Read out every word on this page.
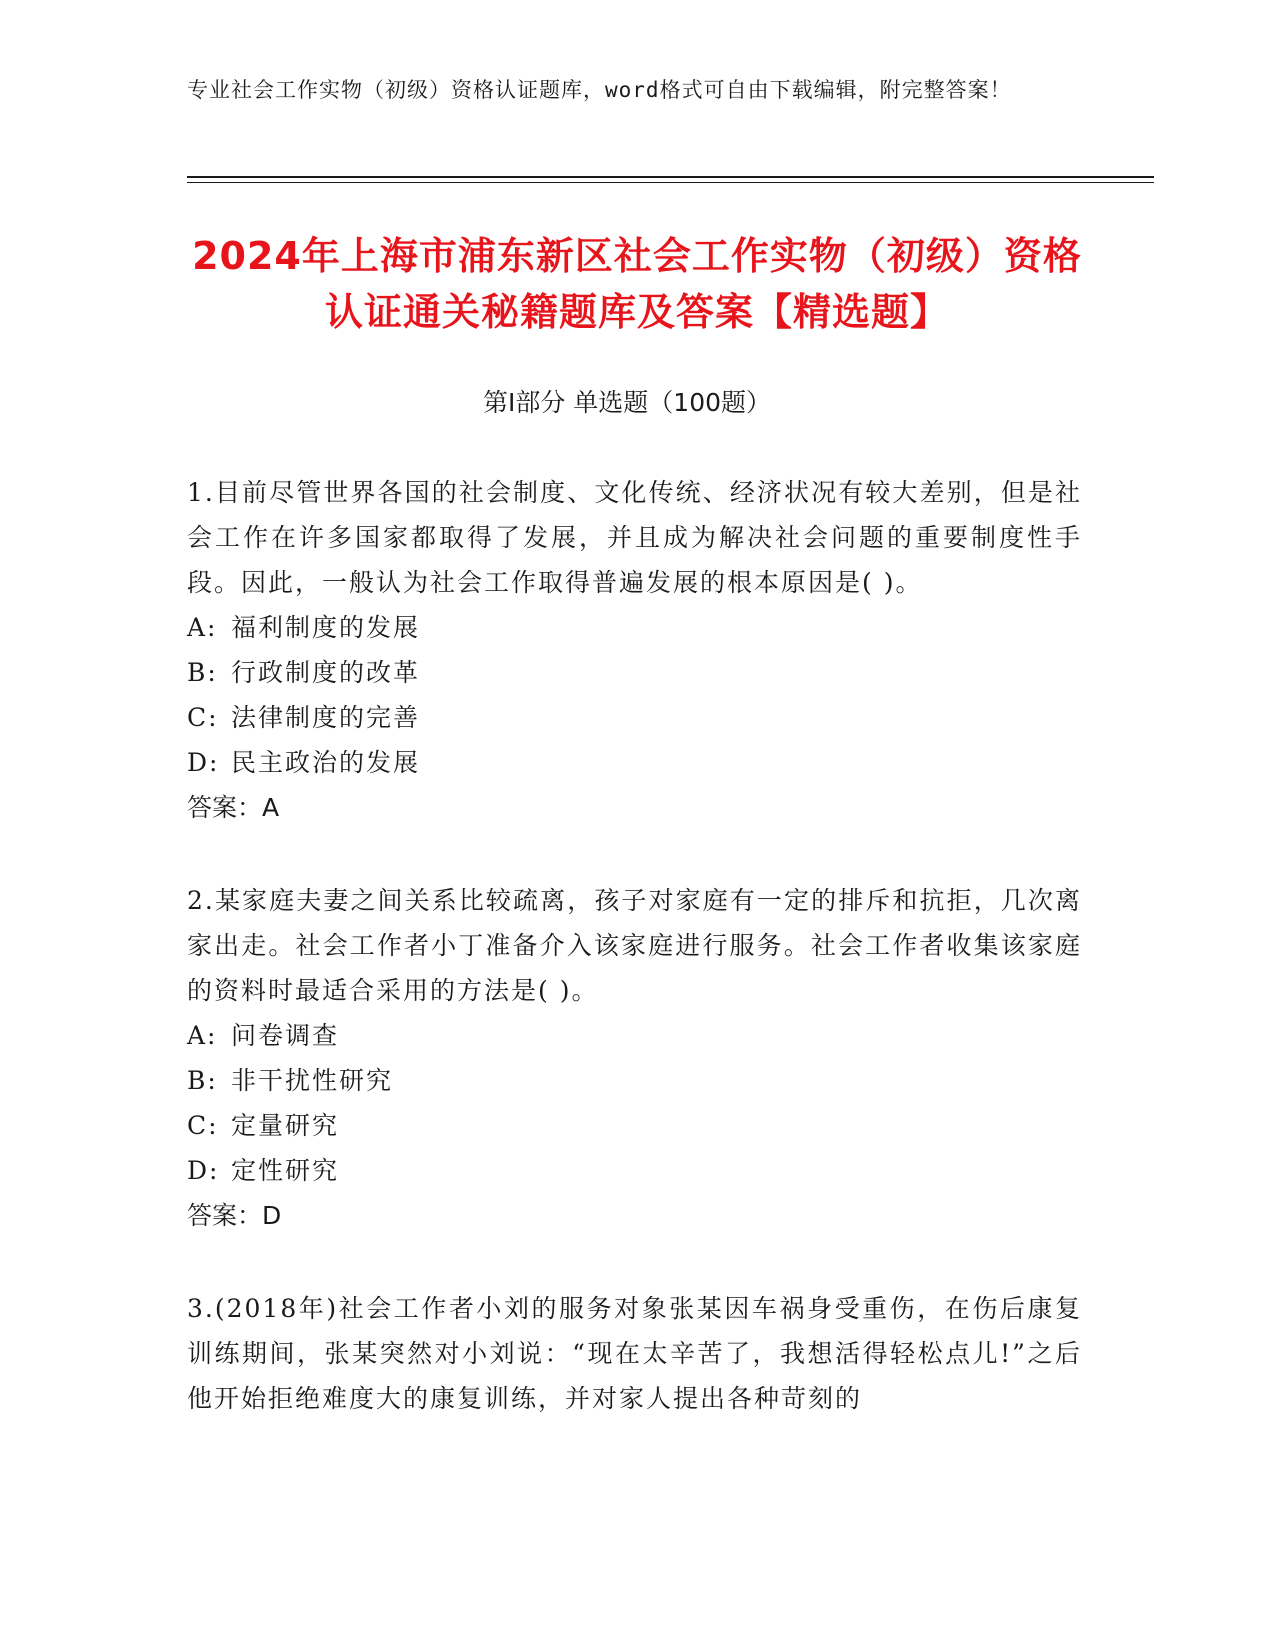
专业社会工作实物（初级）资格认证题库，word格式可自由下载编辑，附完整答案！
2024年上海市浦东新区社会工作实物（初级）资格认证通关秘籍题库及答案【精选题】
第Ⅰ部分 单选题（100题）

1.目前尽管世界各国的社会制度、文化传统、经济状况有较大差别，但是社会工作在许多国家都取得了发展，并且成为解决社会问题的重要制度性手段。因此，一般认为社会工作取得普遍发展的根本原因是( )。

A: 福利制度的发展
B: 行政制度的改革
C: 法律制度的完善
D: 民主政治的发展
答案：A

2.某家庭夫妻之间关系比较疏离，孩子对家庭有一定的排斥和抗拒，几次离家出走。社会工作者小丁准备介入该家庭进行服务。社会工作者收集该家庭的资料时最适合采用的方法是( )。

A: 问卷调查
B: 非干扰性研究
C: 定量研究
D: 定性研究
答案：D

3.(2018年)社会工作者小刘的服务对象张某因车祸身受重伤，在伤后康复训练期间，张某突然对小刘说：“现在太辛苦了，我想活得轻松点儿!”之后他开始拒绝难度大的康复训练，并对家人提出各种苛刻的
